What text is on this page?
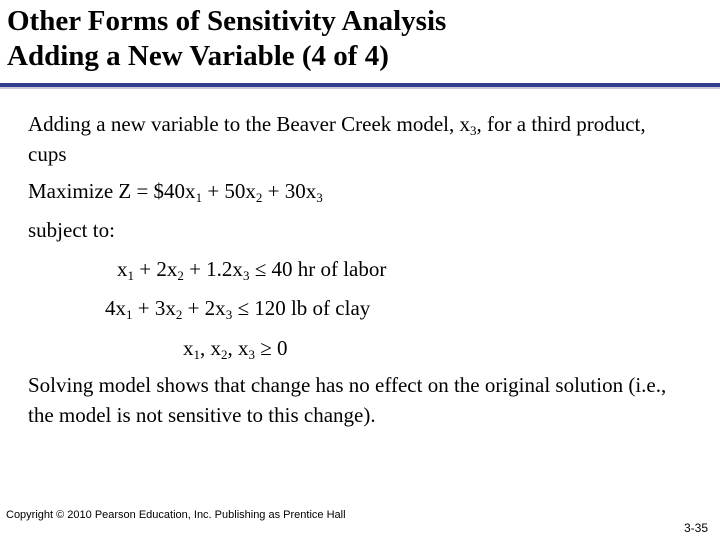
Other Forms of Sensitivity Analysis
Adding a New Variable (4 of 4)
Adding a new variable to the Beaver Creek model, $x_3$, for a third product, cups
Maximize $Z = \$40x_1 + 50x_2 + 30x_3$
subject to:
$x_1 + 2x_2 + 1.2x_3 \le 40$ hr of labor
$4x_1 + 3x_2 + 2x_3 \le 120$ lb of clay
$x_1$, $x_2$, $x_3 \ge 0$
Solving model shows that change has no effect on the original solution (i.e., the model is not sensitive to this change).
Copyright © 2010 Pearson Education, Inc. Publishing as Prentice Hall
3-35
